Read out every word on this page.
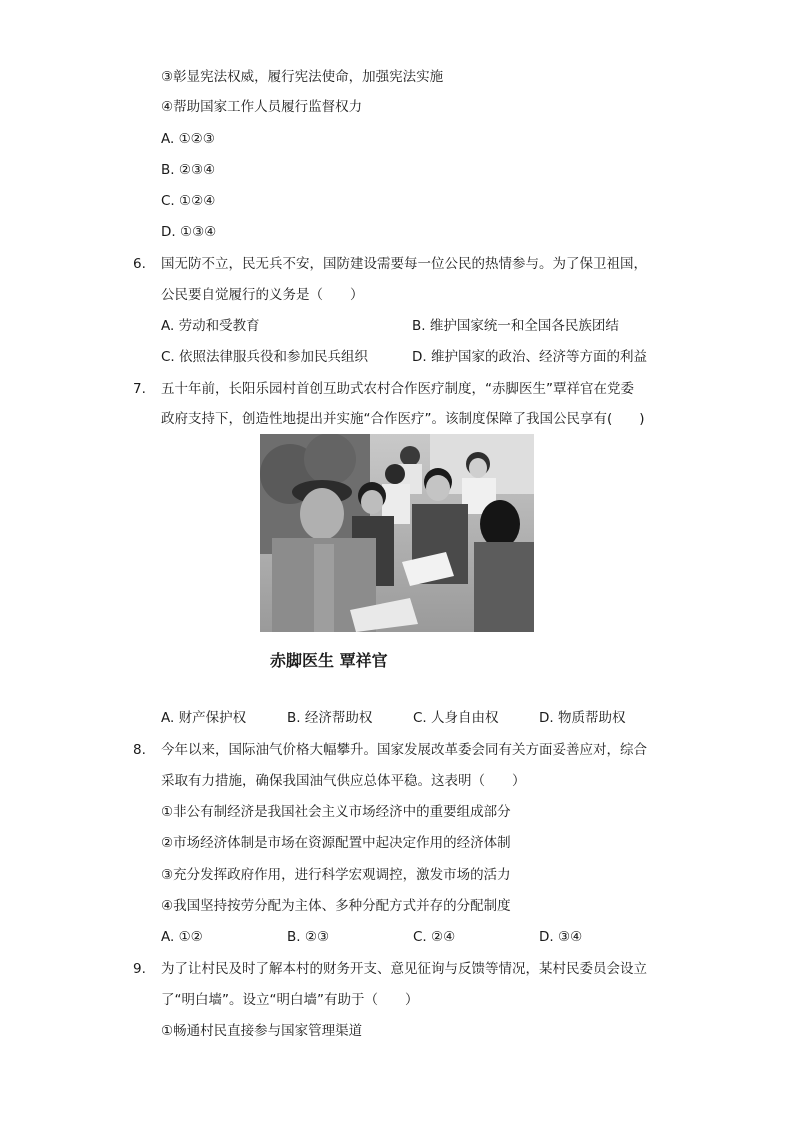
③彰显宪法权威，履行宪法使命，加强宪法实施
④帮助国家工作人员履行监督权力
A. ①②③
B. ②③④
C. ①②④
D. ①③④
6. 国无防不立，民无兵不安，国防建设需要每一位公民的热情参与。为了保卫祖国，
公民要自觉履行的义务是（　　）
A. 劳动和受教育	B. 维护国家统一和全国各民族团结
C. 依照法律服兵役和参加民兵组织	D. 维护国家的政治、经济等方面的利益
7. 五十年前，长阳乐园村首创互助式农村合作医疗制度，“赤脚医生”覃祥官在党委
政府支持下，创造性地提出并实施“合作医疗”。该制度保障了我国公民享有(　　)
赤脚医生 覃祥官
A. 财产保护权	B. 经济帮助权	C. 人身自由权	D. 物质帮助权
8. 今年以来，国际油气价格大幅攀升。国家发展改革委会同有关方面妥善应对，综合
采取有力措施，确保我国油气供应总体平稳。这表明（　　）
①非公有制经济是我国社会主义市场经济中的重要组成部分
②市场经济体制是市场在资源配置中起决定作用的经济体制
③充分发挥政府作用，进行科学宏观调控，激发市场的活力
④我国坚持按劳分配为主体、多种分配方式并存的分配制度
A. ①②	B. ②③	C. ②④	D. ③④
9. 为了让村民及时了解本村的财务开支、意见征询与反馈等情况，某村民委员会设立
了“明白墙”。设立“明白墙”有助于（　　）
①畅通村民直接参与国家管理渠道
